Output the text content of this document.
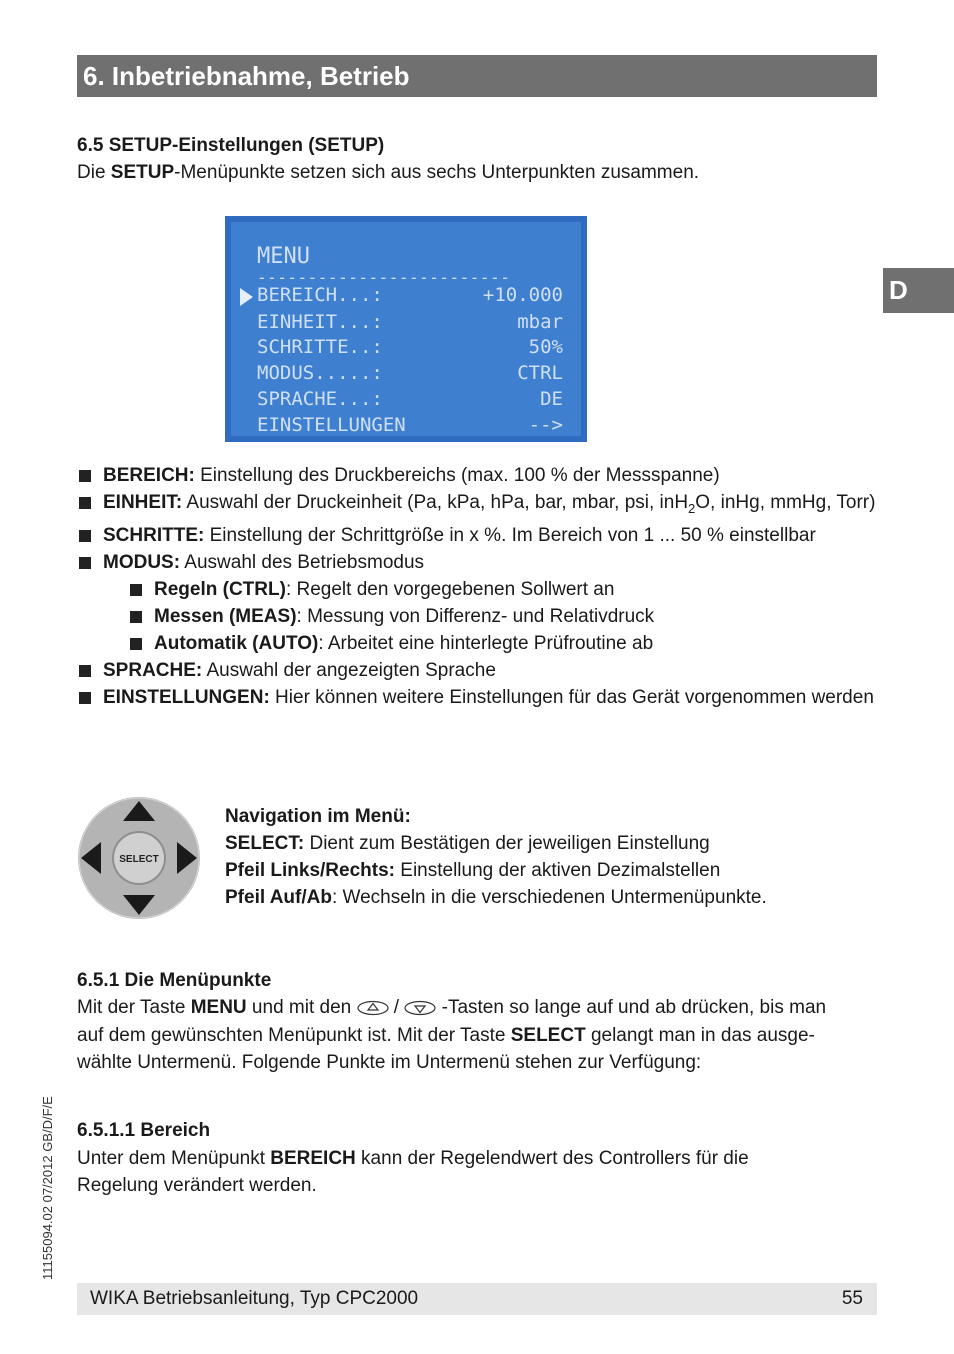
6. Inbetriebnahme, Betrieb
D
11155094.02 07/2012 GB/D/F/E
6.5 SETUP-Einstellungen (SETUP)
Die SETUP-Menüpunkte setzen sich aus sechs Unterpunkten zusammen.
MENU
-------------------------
BEREICH...:	+10.000
EINHEIT...:	mbar
SCHRITTE..:	50%
MODUS.....:	CTRL
SPRACHE...:	DE
EINSTELLUNGEN	-->
BEREICH: Einstellung des Druckbereichs (max. 100 % der Messspanne)
EINHEIT: Auswahl der Druckeinheit (Pa, kPa, hPa, bar, mbar, psi, inH$_2$O, inHg, mmHg, Torr)
SCHRITTE: Einstellung der Schrittgröße in x %. Im Bereich von 1 ... 50 % einstellbar
MODUS: Auswahl des Betriebsmodus
Regeln (CTRL): Regelt den vorgegebenen Sollwert an
Messen (MEAS): Messung von Differenz- und Relativdruck
Automatik (AUTO): Arbeitet eine hinterlegte Prüfroutine ab
SPRACHE: Auswahl der angezeigten Sprache
EINSTELLUNGEN: Hier können weitere Einstellungen für das Gerät vorgenommen werden
SELECT
Navigation im Menü:
SELECT: Dient zum Bestätigen der jeweiligen Einstellung
Pfeil Links/Rechts: Einstellung der aktiven Dezimalstellen
Pfeil Auf/Ab: Wechseln in die verschiedenen Untermenüpunkte.
6.5.1 Die Menüpunkte
Mit der Taste MENU und mit den  /  -Tasten so lange auf und ab drücken, bis man
auf dem gewünschten Menüpunkt ist. Mit der Taste SELECT gelangt man in das ausge-
wählte Untermenü. Folgende Punkte im Untermenü stehen zur Verfügung:
6.5.1.1 Bereich
Unter dem Menüpunkt BEREICH kann der Regelendwert des Controllers für die
Regelung verändert werden.
WIKA Betriebsanleitung, Typ CPC2000	55
